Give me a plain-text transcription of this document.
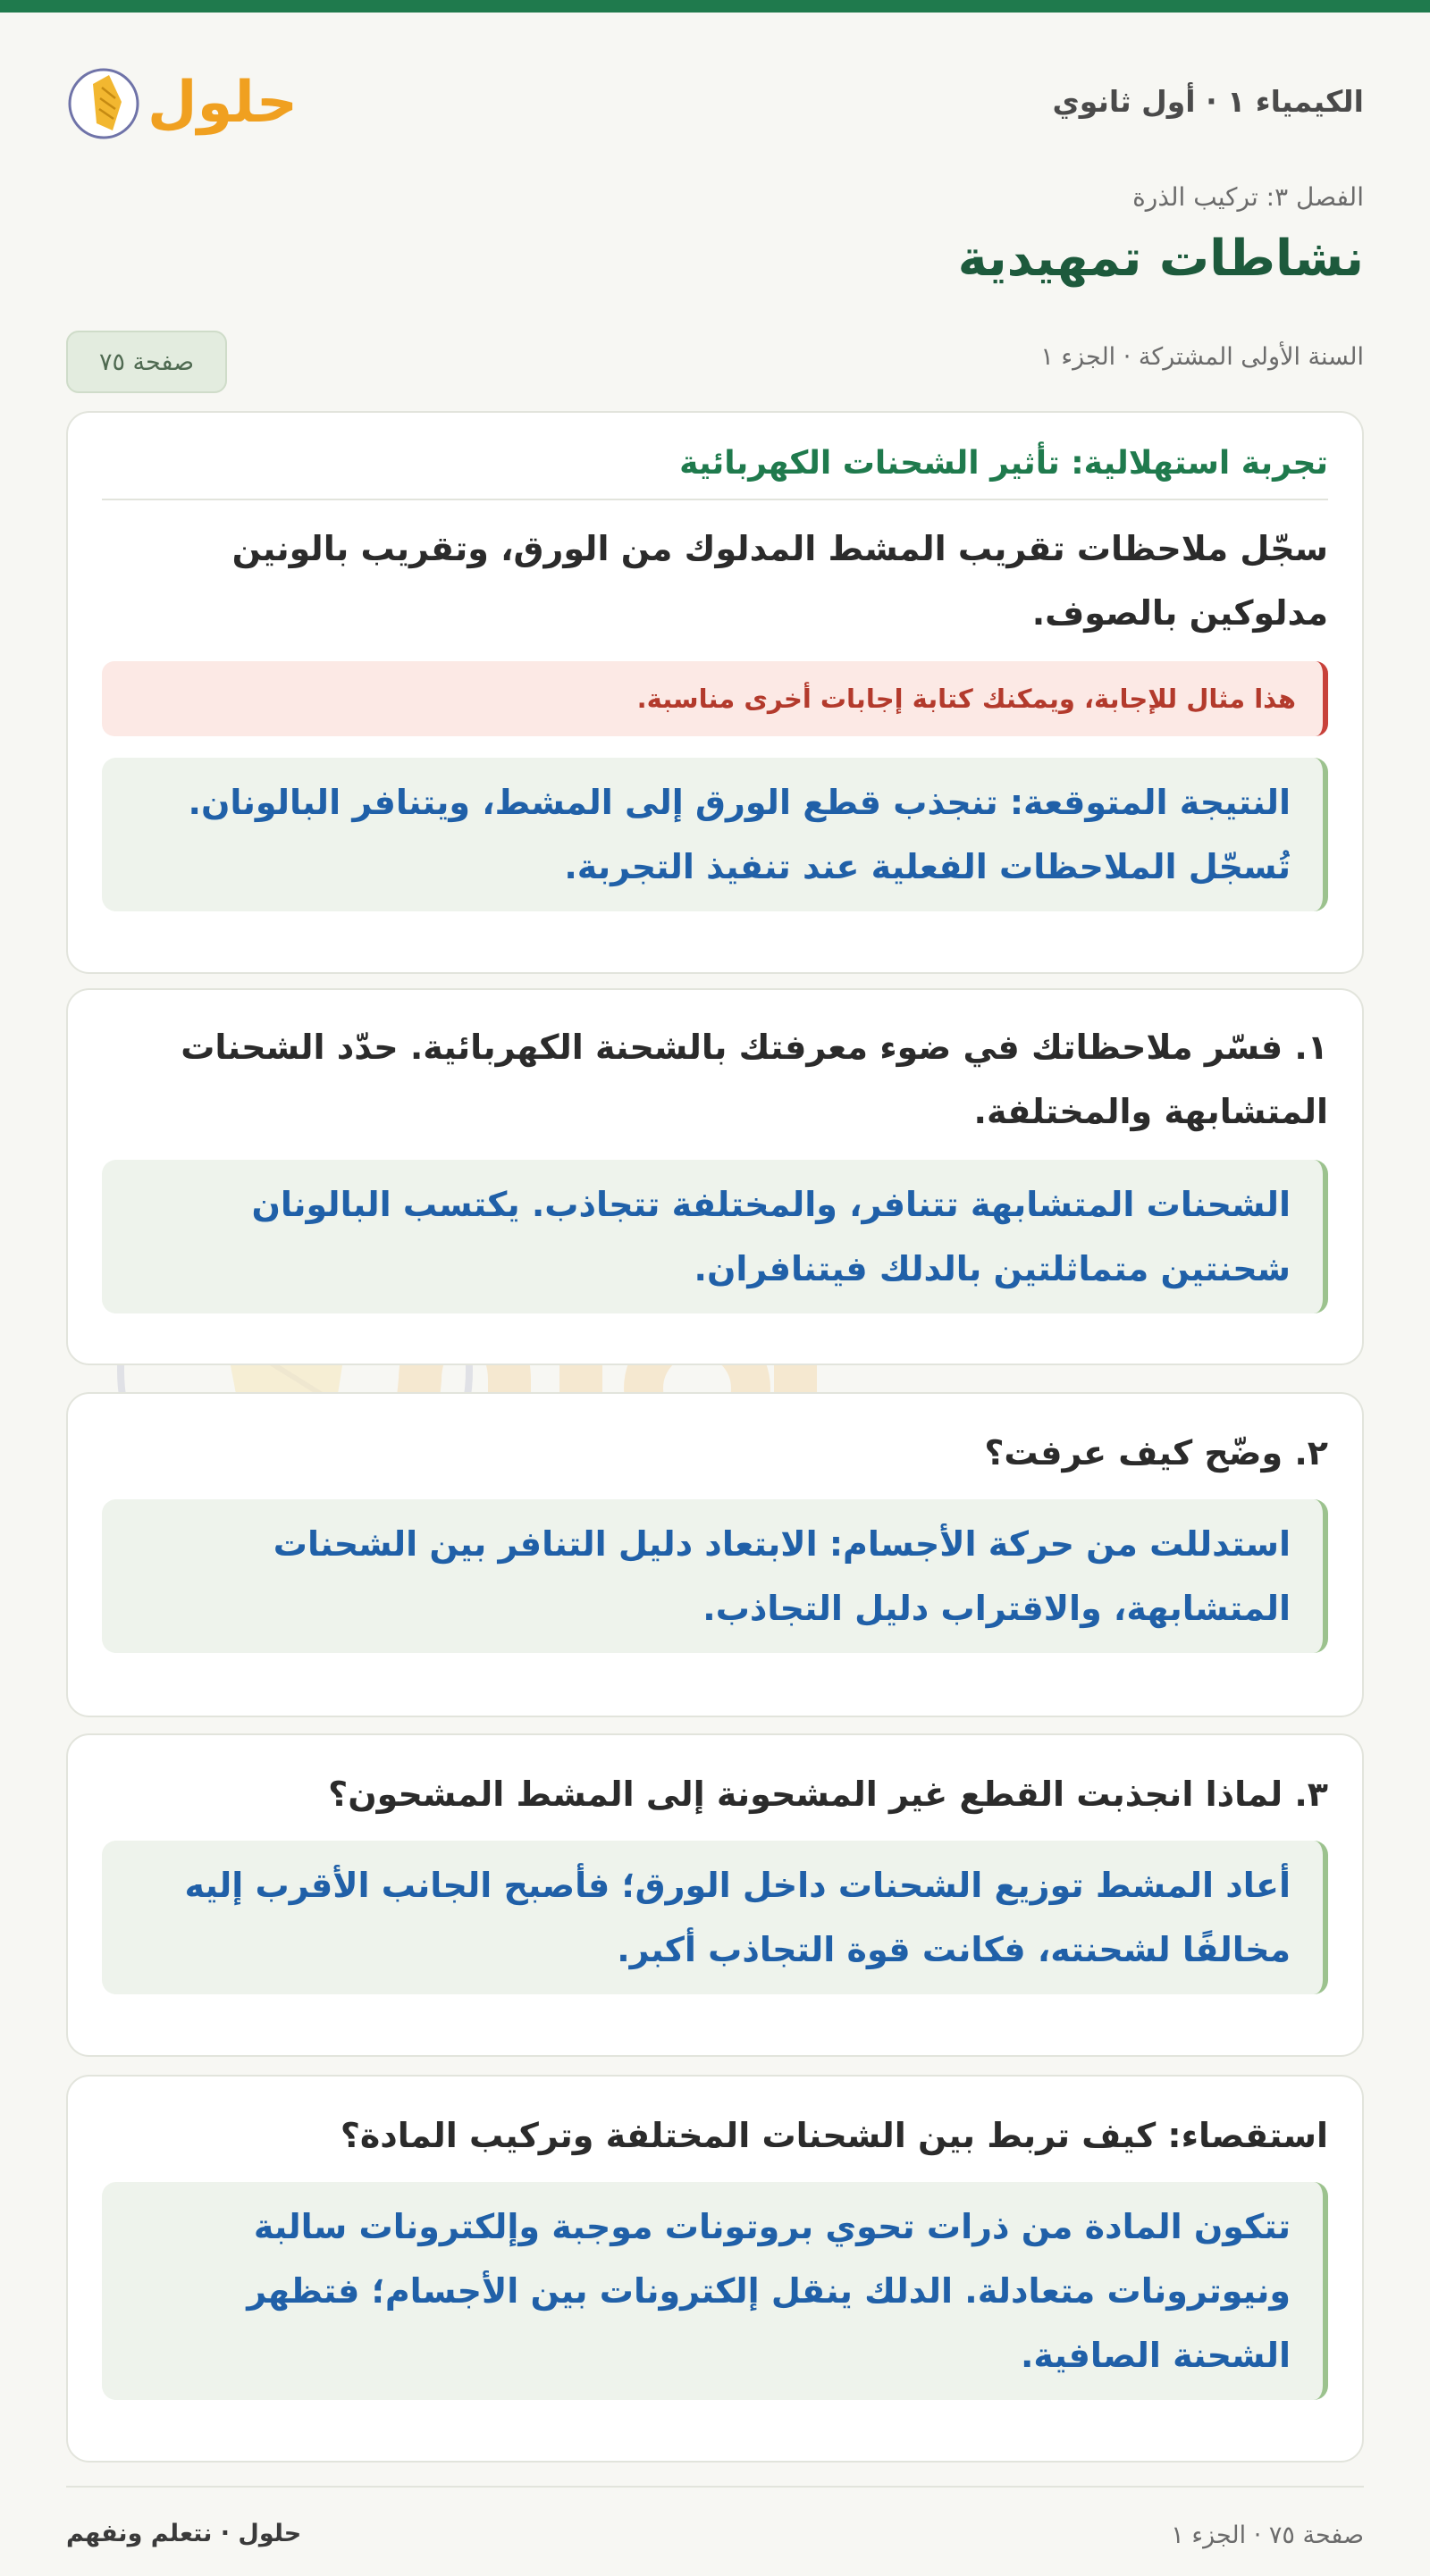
الكيمياء ١ · أول ثانوي
حلول
الفصل ٣: تركيب الذرة
نشاطات تمهيدية
السنة الأولى المشتركة · الجزء ١
صفحة ٧٥
تجربة استهلالية: تأثير الشحنات الكهربائية

سجّل ملاحظات تقريب المشط المدلوك من الورق، وتقريب بالونين مدلوكين بالصوف.

هذا مثال للإجابة، ويمكنك كتابة إجابات أخرى مناسبة.
النتيجة المتوقعة: تنجذب قطع الورق إلى المشط، ويتنافر البالونان. تُسجّل الملاحظات الفعلية عند تنفيذ التجربة.

١. فسّر ملاحظاتك في ضوء معرفتك بالشحنة الكهربائية. حدّد الشحنات المتشابهة والمختلفة.

الشحنات المتشابهة تتنافر، والمختلفة تتجاذب. يكتسب البالونان شحنتين متماثلتين بالدلك فيتنافران.

٢. وضّح كيف عرفت؟

استدللت من حركة الأجسام: الابتعاد دليل التنافر بين الشحنات المتشابهة، والاقتراب دليل التجاذب.

٣. لماذا انجذبت القطع غير المشحونة إلى المشط المشحون؟

أعاد المشط توزيع الشحنات داخل الورق؛ فأصبح الجانب الأقرب إليه مخالفًا لشحنته، فكانت قوة التجاذب أكبر.

استقصاء: كيف تربط بين الشحنات المختلفة وتركيب المادة؟

تتكون المادة من ذرات تحوي بروتونات موجبة وإلكترونات سالبة ونيوترونات متعادلة. الدلك ينقل إلكترونات بين الأجسام؛ فتظهر الشحنة الصافية.
صفحة ٧٥ · الجزء ١
حلول · نتعلم ونفهم
